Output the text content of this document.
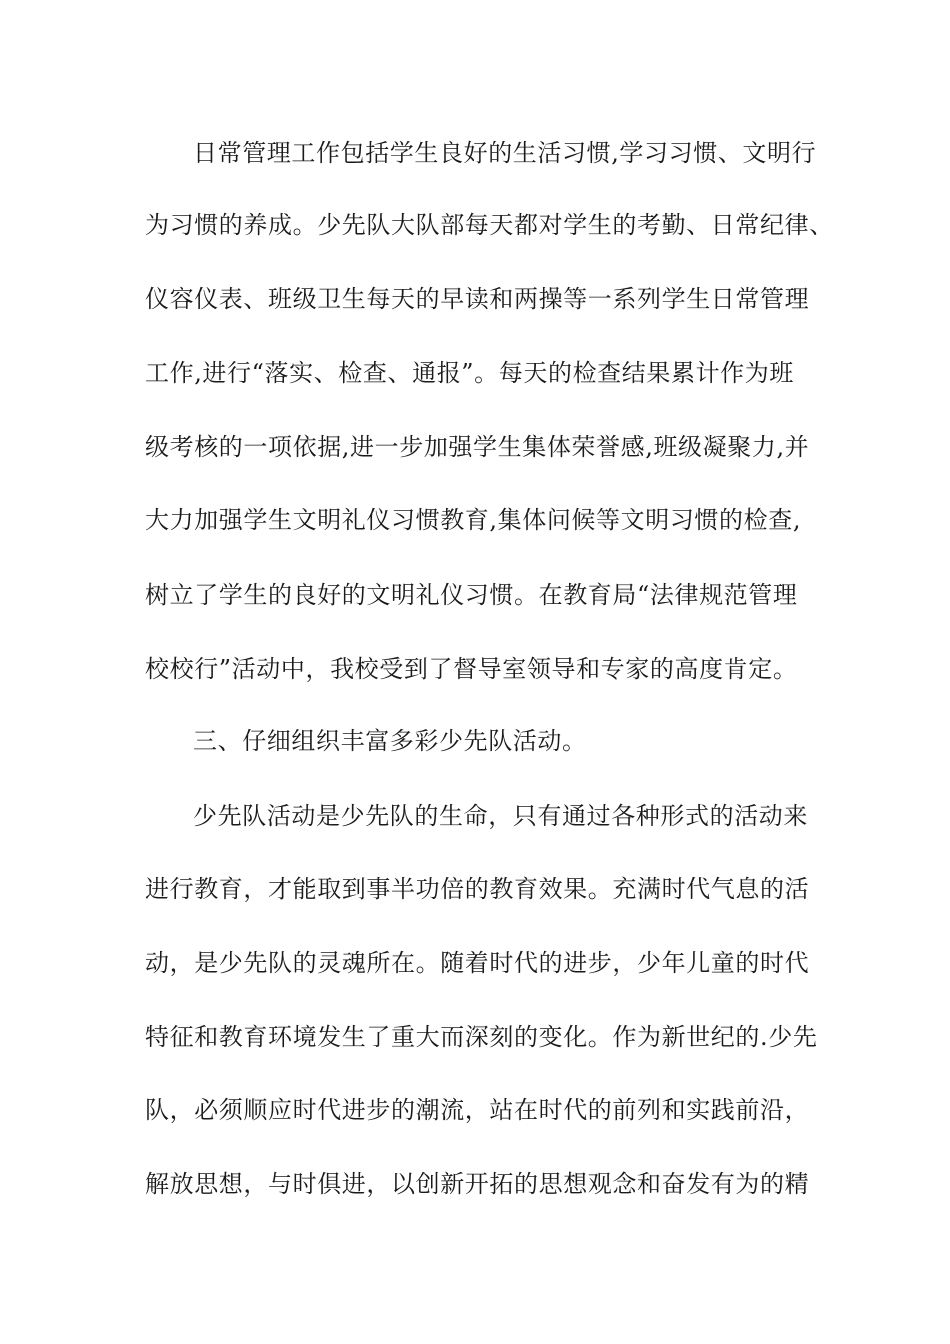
日常管理工作包括学生良好的生活习惯,学习习惯、文明行
为习惯的养成。少先队大队部每天都对学生的考勤、日常纪律、
仪容仪表、班级卫生每天的早读和两操等一系列学生日常管理
工作,进行“落实、检查、通报”。每天的检查结果累计作为班
级考核的一项依据,进一步加强学生集体荣誉感,班级凝聚力,并
大力加强学生文明礼仪习惯教育,集体问候等文明习惯的检查,
树立了学生的良好的文明礼仪习惯。在教育局“法律规范管理
校校行”活动中，我校受到了督导室领导和专家的高度肯定。
三、仔细组织丰富多彩少先队活动。
少先队活动是少先队的生命，只有通过各种形式的活动来
进行教育，才能取到事半功倍的教育效果。充满时代气息的活
动，是少先队的灵魂所在。随着时代的进步，少年儿童的时代
特征和教育环境发生了重大而深刻的变化。作为新世纪的.少先
队，必须顺应时代进步的潮流，站在时代的前列和实践前沿，
解放思想，与时俱进，以创新开拓的思想观念和奋发有为的精
